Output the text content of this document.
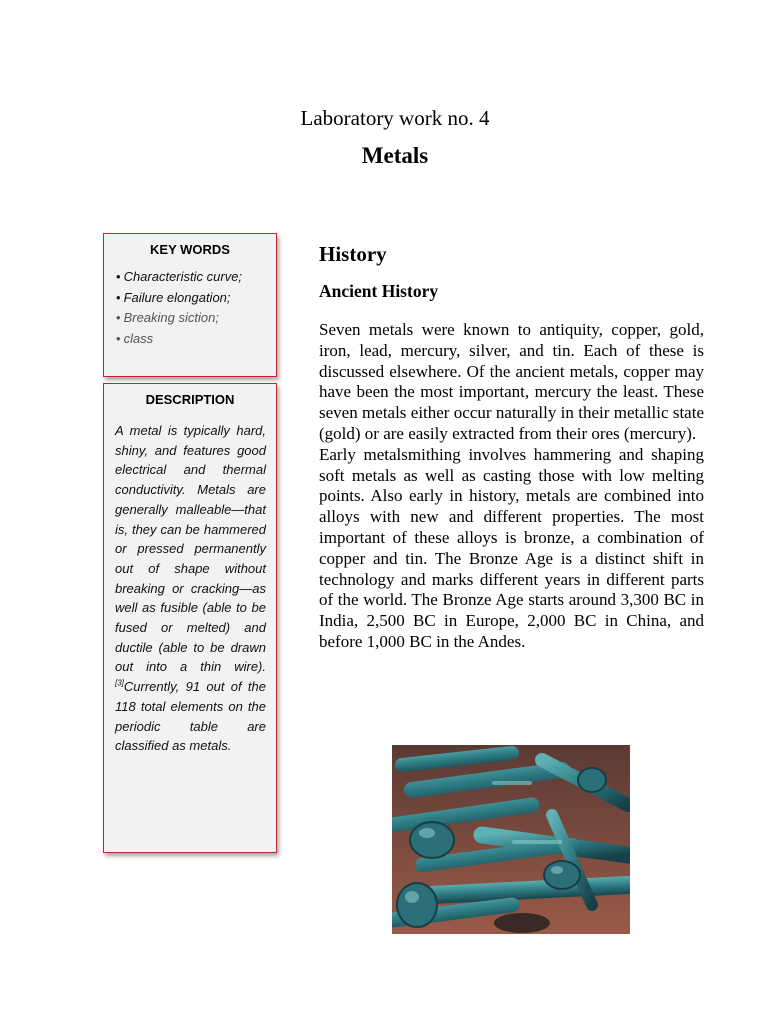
Laboratory work no. 4
Metals
KEY WORDS
• Characteristic curve;
• Failure elongation;
• Breaking siction;
• class
DESCRIPTION
A metal is typically hard, shiny, and features good electrical and thermal conductivity. Metals are generally malleable—that is, they can be hammered or pressed permanently out of shape without breaking or cracking—as well as fusible (able to be fused or melted) and ductile (able to be drawn out into a thin wire).[3]Currently, 91 out of the 118 total elements on the periodic table are classified as metals.
History
Ancient History

Seven metals were known to antiquity, copper, gold, iron, lead, mercury, silver, and tin. Each of these is discussed elsewhere. Of the ancient metals, copper may have been the most important, mercury the least. These seven metals either occur naturally in their metallic state (gold) or are easily extracted from their ores (mercury).

Early metalsmithing involves hammering and shaping soft metals as well as casting those with low melting points. Also early in history, metals are combined into alloys with new and different properties. The most important of these alloys is bronze, a combination of copper and tin. The Bronze Age is a distinct shift in technology and marks different years in different parts of the world. The Bronze Age starts around 3,300 BC in India, 2,500 BC in Europe, 2,000 BC in China, and before 1,000 BC in the Andes.
